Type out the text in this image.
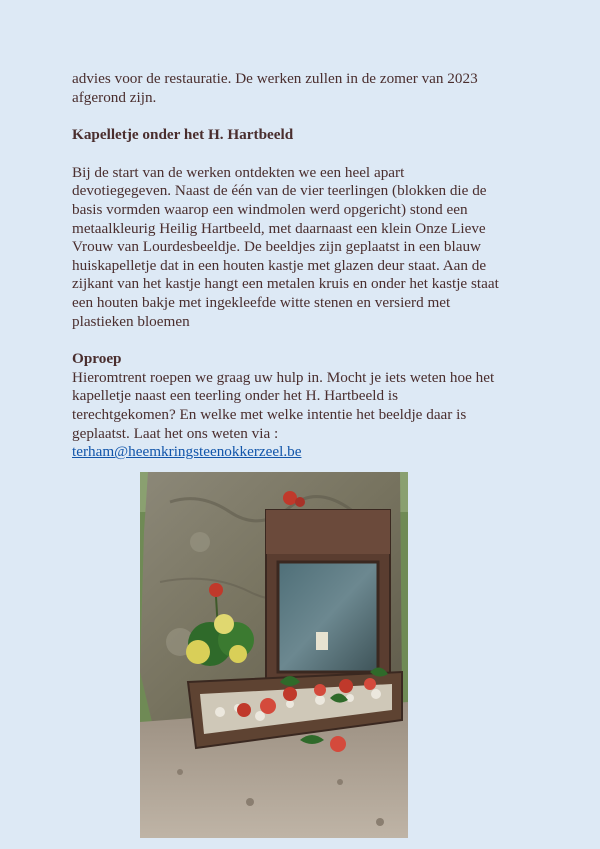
advies voor de restauratie. De werken zullen in de zomer van 2023
afgerond zijn.

Kapelletje onder het H. Hartbeeld

Bij de start van de werken ontdekten we een heel apart
devotiegegeven. Naast de één van de vier teerlingen (blokken die de
basis vormden waarop een windmolen werd opgericht) stond een
metaalkleurig Heilig Hartbeeld, met daarnaast een klein Onze Lieve
Vrouw van Lourdesbeeldje. De beeldjes zijn geplaatst in een blauw
huiskapelletje dat in een houten kastje met glazen deur staat. Aan de
zijkant van het kastje hangt een metalen kruis en onder het kastje staat
een houten bakje met ingekleefde witte stenen en versierd met
plastieken bloemen

Oproep

Hieromtrent roepen we graag uw hulp in. Mocht je iets weten hoe het
kapelletje naast een teerling onder het H. Hartbeeld is
terechtgekomen? En welke met welke intentie het beeldje daar is
geplaatst. Laat het ons weten via :
terham@heemkringsteenokkerzeel.be
